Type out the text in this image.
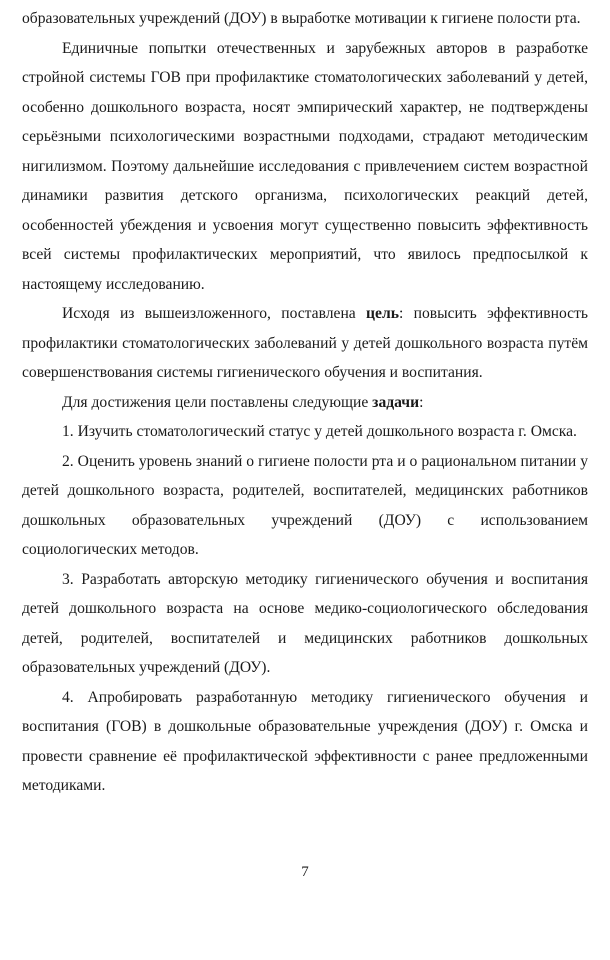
образовательных учреждений (ДОУ) в выработке мотивации к гигиене полости рта.

Единичные попытки отечественных и зарубежных авторов в разработке стройной системы ГОВ при профилактике стоматологических заболеваний у детей, особенно дошкольного возраста, носят эмпирический характер, не подтверждены серьёзными психологическими возрастными подходами, страдают методическим нигилизмом. Поэтому дальнейшие исследования с привлечением систем возрастной динамики развития детского организма, психологических реакций детей, особенностей убеждения и усвоения могут существенно повысить эффективность всей системы профилактических мероприятий, что явилось предпосылкой к настоящему исследованию.

Исходя из вышеизложенного, поставлена цель: повысить эффективность профилактики стоматологических заболеваний у детей дошкольного возраста путём совершенствования системы гигиенического обучения и воспитания.

Для достижения цели поставлены следующие задачи:

1. Изучить стоматологический статус у детей дошкольного возраста г. Омска.

2. Оценить уровень знаний о гигиене полости рта и о рациональном питании у детей дошкольного возраста, родителей, воспитателей, медицинских работников дошкольных образовательных учреждений (ДОУ) с использованием социологических методов.

3. Разработать авторскую методику гигиенического обучения и воспитания детей дошкольного возраста на основе медико-социологического обследования детей, родителей, воспитателей и медицинских работников дошкольных образовательных учреждений (ДОУ).

4. Апробировать разработанную методику гигиенического обучения и воспитания (ГОВ) в дошкольные образовательные учреждения (ДОУ) г. Омска и провести сравнение её профилактической эффективности с ранее предложенными методиками.

7
